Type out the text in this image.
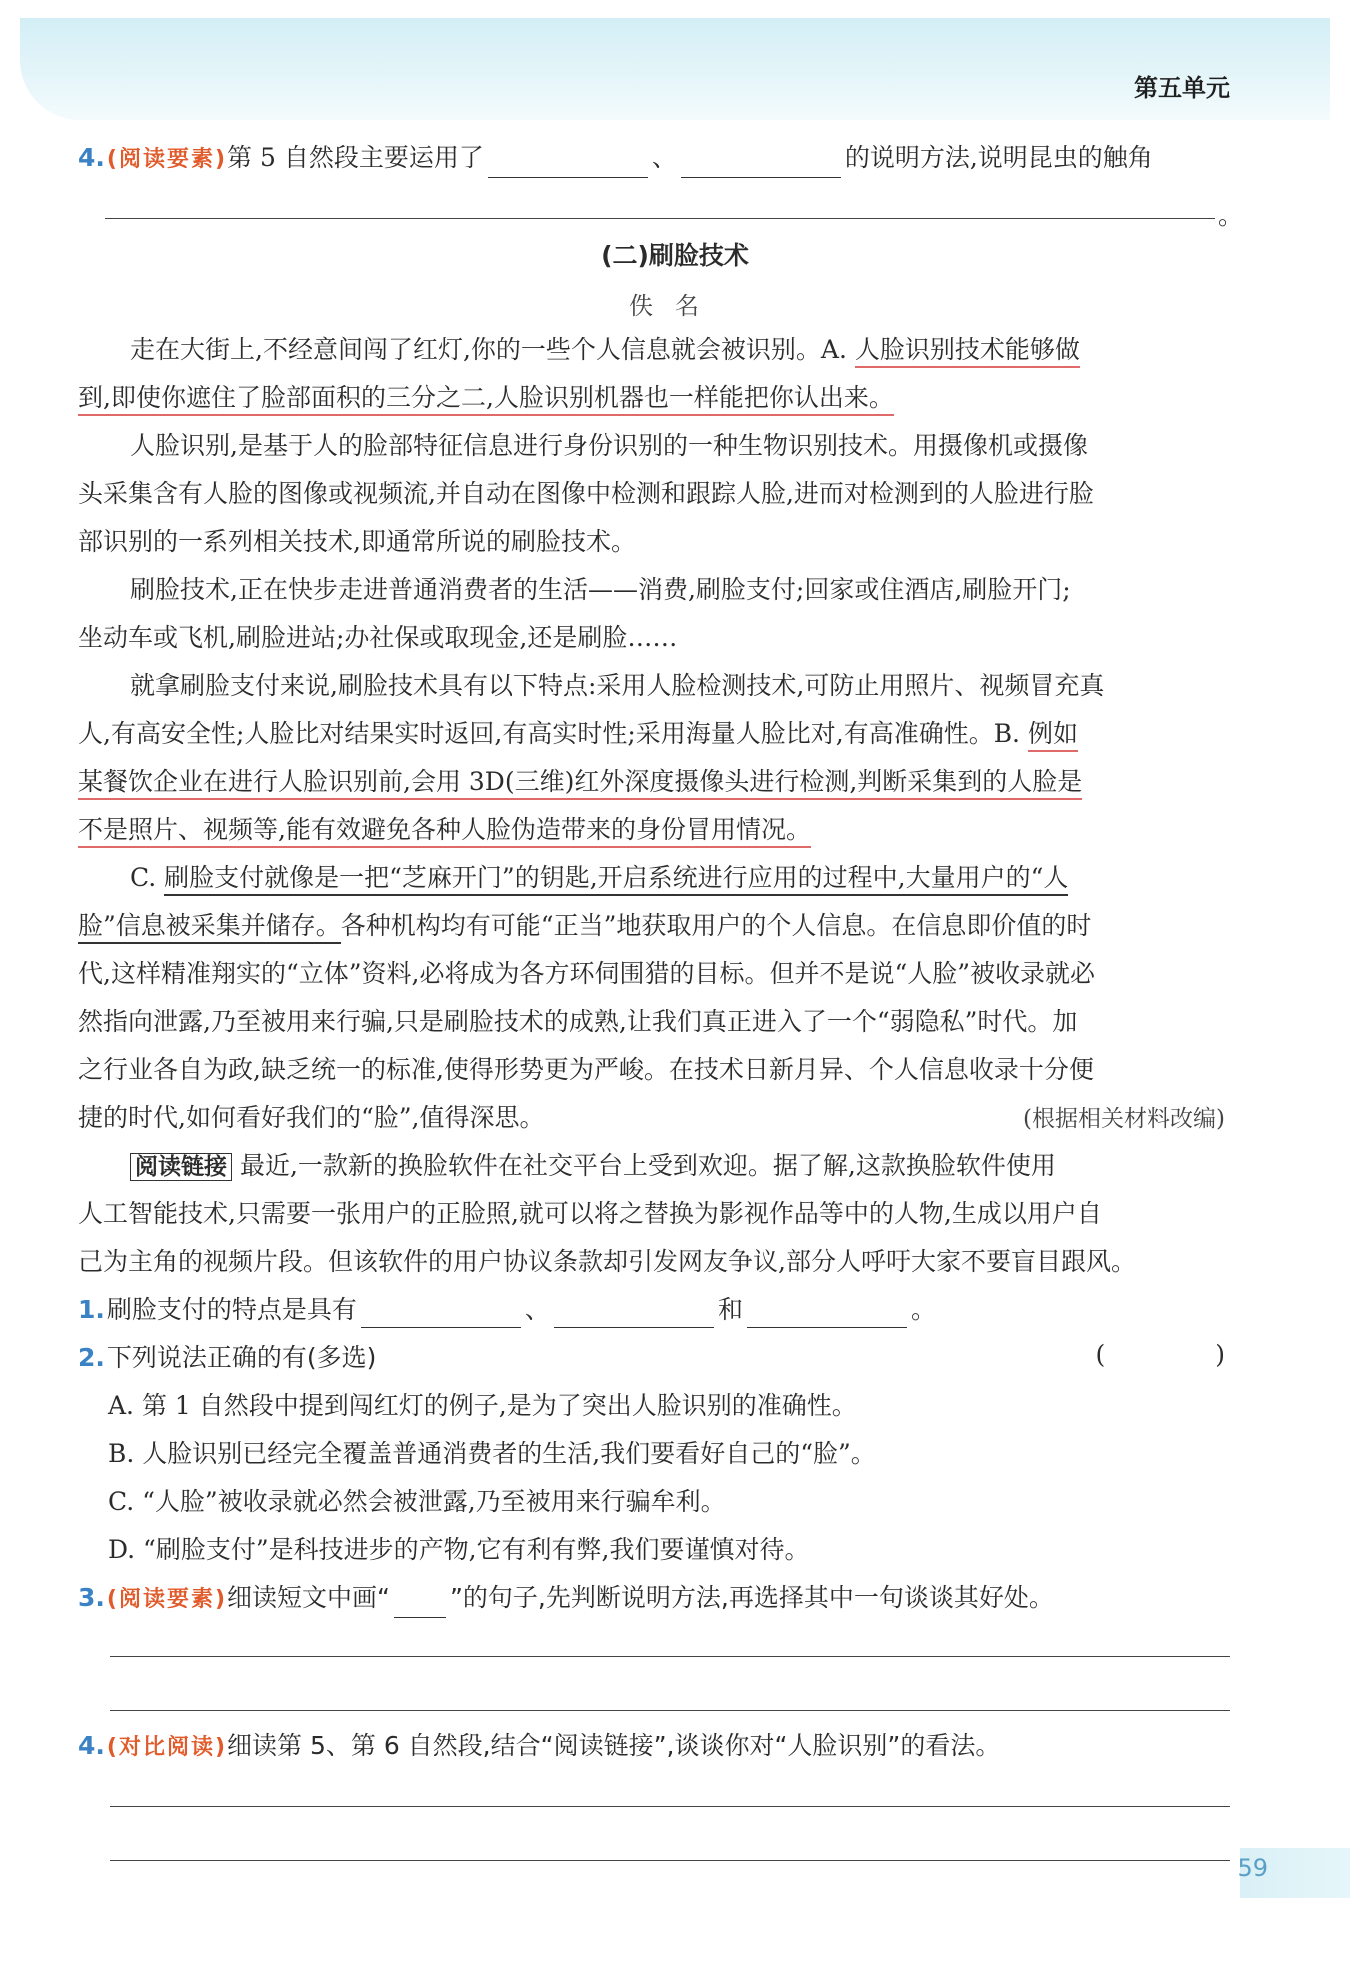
第五单元
4.(阅读要素)第 5 自然段主要运用了	、	的说明方法,说明昆虫的触角
。
(二)刷脸技术
佚名
走在大街上,不经意间闯了红灯,你的一些个人信息就会被识别。A. 人脸识别技术能够做
到,即使你遮住了脸部面积的三分之二,人脸识别机器也一样能把你认出来。
人脸识别,是基于人的脸部特征信息进行身份识别的一种生物识别技术。用摄像机或摄像
头采集含有人脸的图像或视频流,并自动在图像中检测和跟踪人脸,进而对检测到的人脸进行脸
部识别的一系列相关技术,即通常所说的刷脸技术。
刷脸技术,正在快步走进普通消费者的生活——消费,刷脸支付;回家或住酒店,刷脸开门;
坐动车或飞机,刷脸进站;办社保或取现金,还是刷脸……
就拿刷脸支付来说,刷脸技术具有以下特点:采用人脸检测技术,可防止用照片、视频冒充真
人,有高安全性;人脸比对结果实时返回,有高实时性;采用海量人脸比对,有高准确性。B. 例如
某餐饮企业在进行人脸识别前,会用 3D(三维)红外深度摄像头进行检测,判断采集到的人脸是
不是照片、视频等,能有效避免各种人脸伪造带来的身份冒用情况。
C. 刷脸支付就像是一把“芝麻开门”的钥匙,开启系统进行应用的过程中,大量用户的“人
脸”信息被采集并储存。各种机构均有可能“正当”地获取用户的个人信息。在信息即价值的时
代,这样精准翔实的“立体”资料,必将成为各方环伺围猎的目标。但并不是说“人脸”被收录就必
然指向泄露,乃至被用来行骗,只是刷脸技术的成熟,让我们真正进入了一个“弱隐私”时代。加
之行业各自为政,缺乏统一的标准,使得形势更为严峻。在技术日新月异、个人信息收录十分便
捷的时代,如何看好我们的“脸”,值得深思。	(根据相关材料改编)
阅读链接 最近,一款新的换脸软件在社交平台上受到欢迎。据了解,这款换脸软件使用
人工智能技术,只需要一张用户的正脸照,就可以将之替换为影视作品等中的人物,生成以用户自
己为主角的视频片段。但该软件的用户协议条款却引发网友争议,部分人呼吁大家不要盲目跟风。
1.刷脸支付的特点是具有	、	和	。
2.下列说法正确的有(多选)	(	)
A. 第 1 自然段中提到闯红灯的例子,是为了突出人脸识别的准确性。
B. 人脸识别已经完全覆盖普通消费者的生活,我们要看好自己的“脸”。
C. “人脸”被收录就必然会被泄露,乃至被用来行骗牟利。
D. “刷脸支付”是科技进步的产物,它有利有弊,我们要谨慎对待。
3.(阅读要素)细读短文中画“ ”的句子,先判断说明方法,再选择其中一句谈谈其好处。
4.(对比阅读)细读第 5、第 6 自然段,结合“阅读链接”,谈谈你对“人脸识别”的看法。
59
